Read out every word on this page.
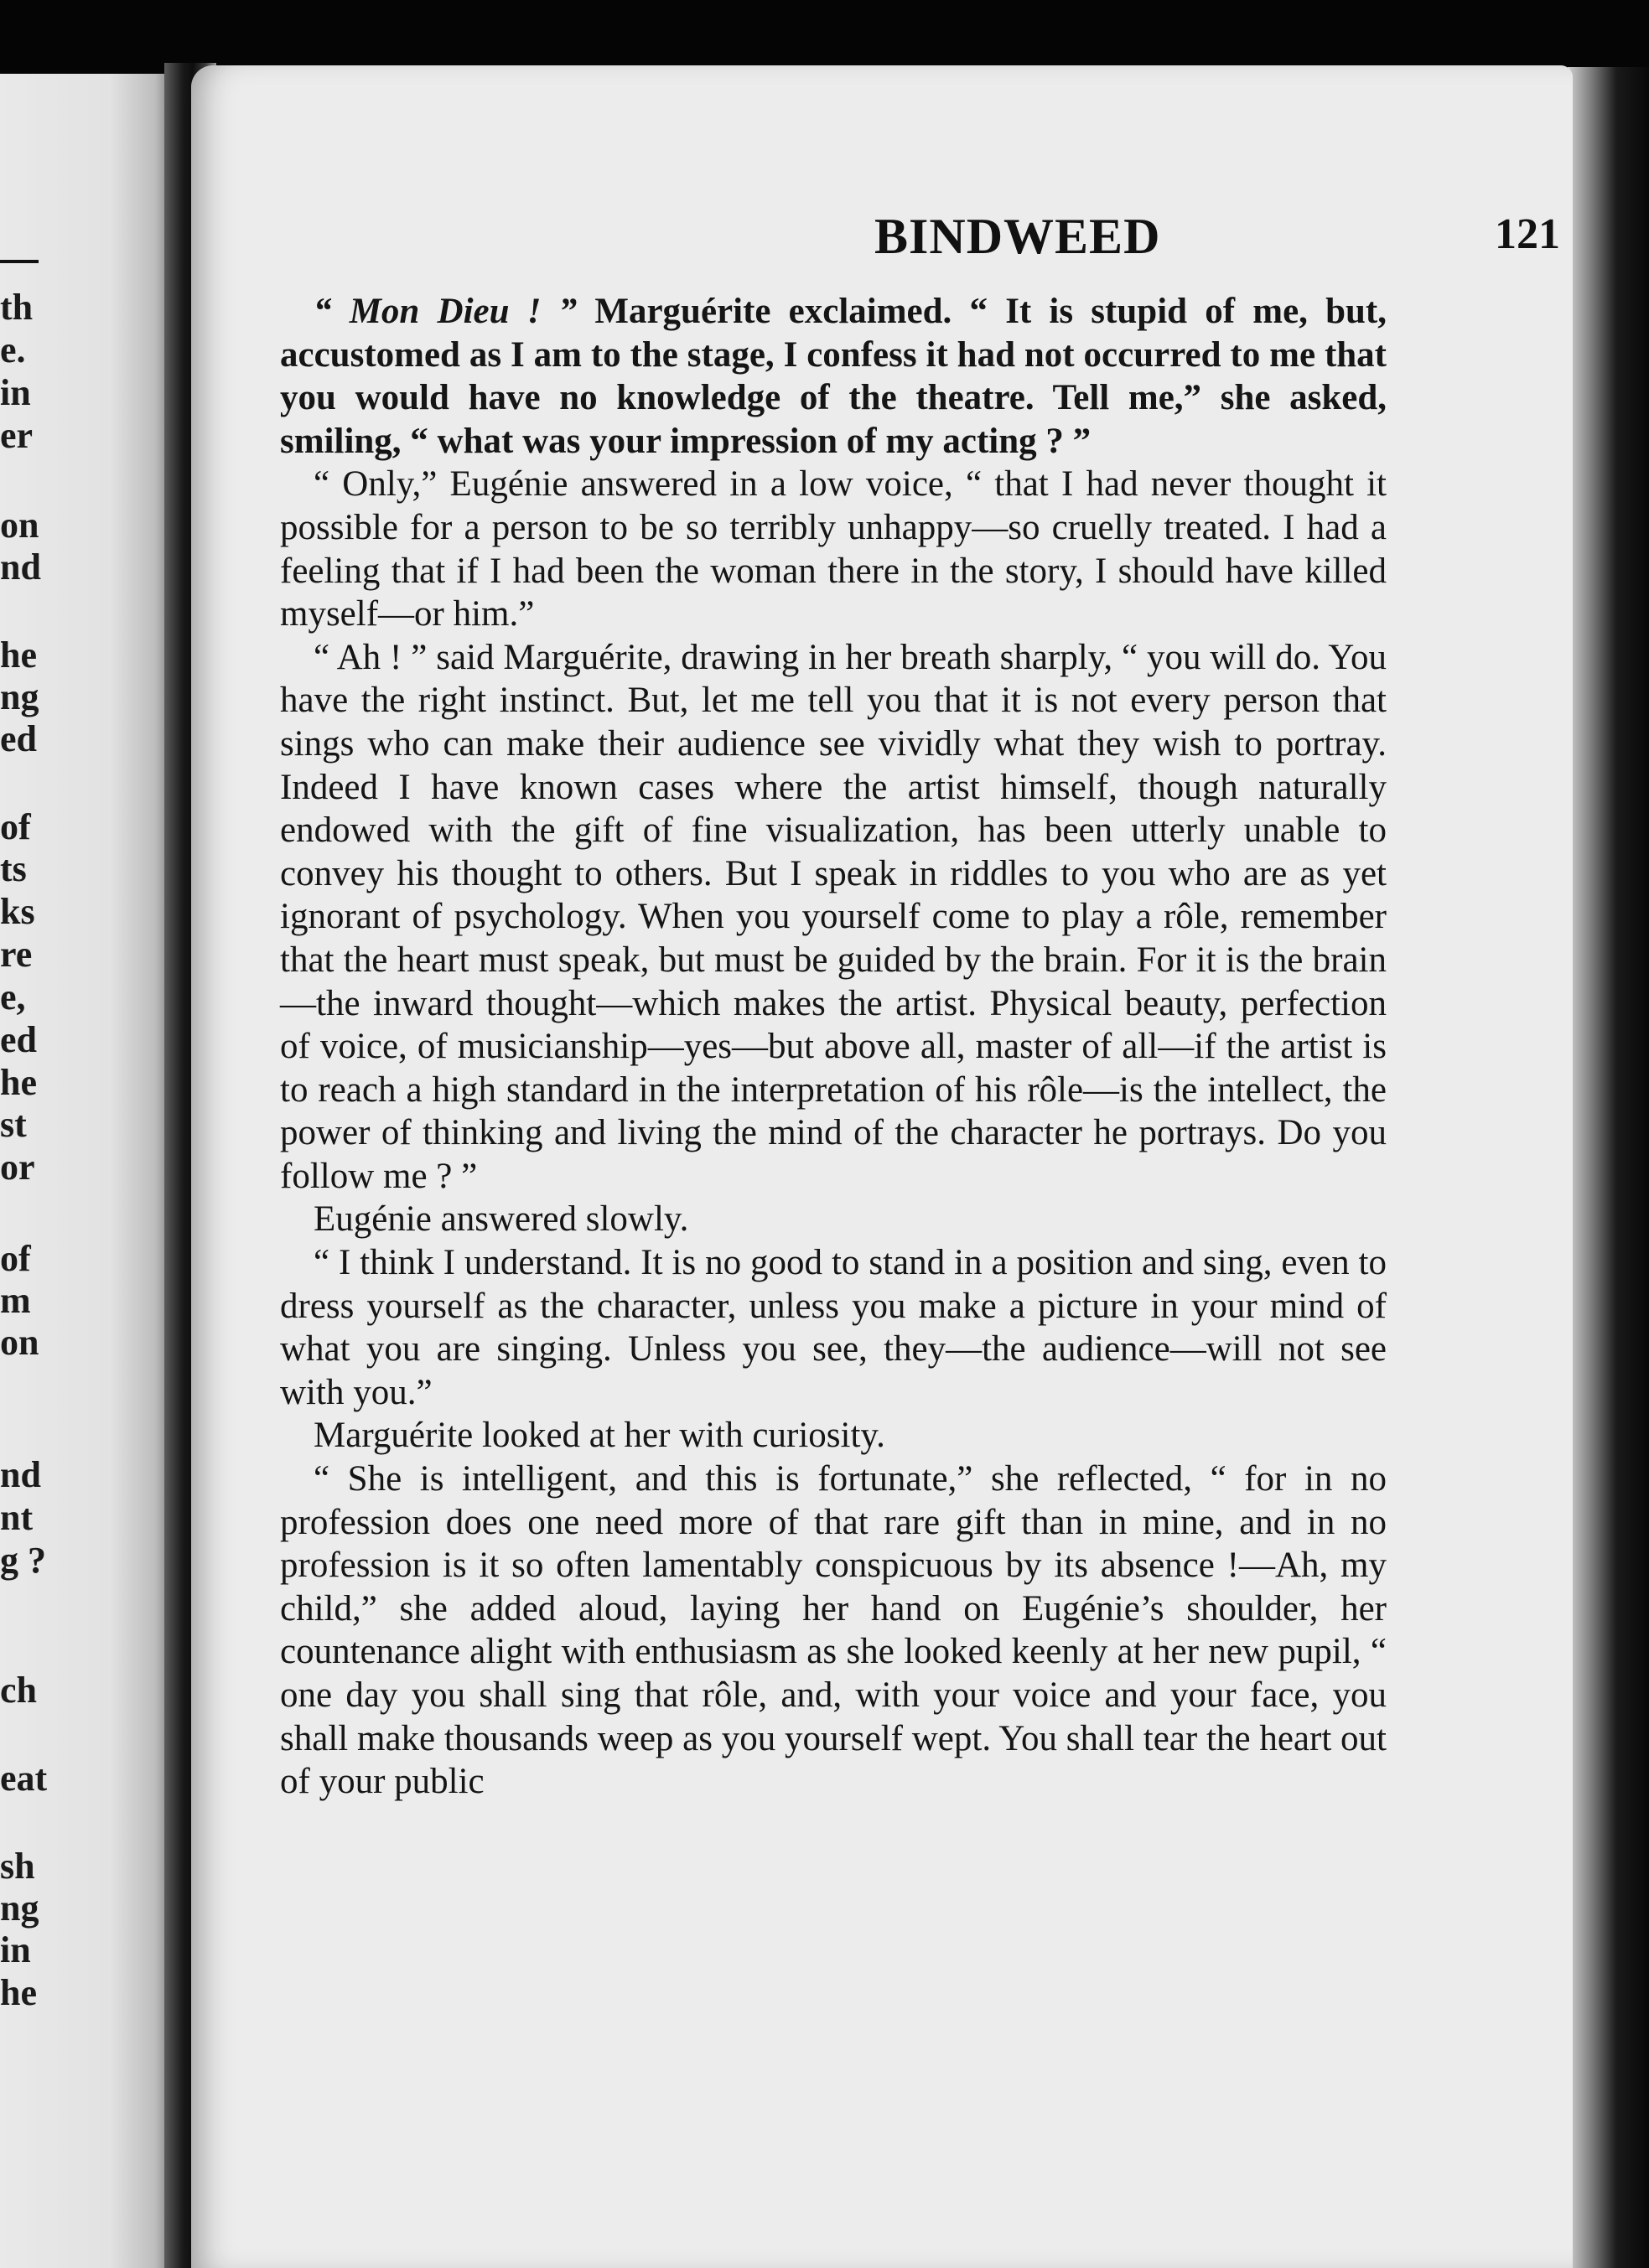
th

e.

in

er

on

nd

he

ng

ed

of

ts

ks

re

e,

ed

he

st

or

of

m

on

nd

nt

g ?

ch

eat

sh

ng

in

he

BINDWEED	121

“ Mon Dieu ! ” Marguérite exclaimed. “ It is stupid of me, but, accustomed as I am to the stage, I confess it had not occurred to me that you would have no knowledge of the theatre. Tell me,” she asked, smiling, “ what was your impression of my acting ? ”

“ Only,” Eugénie answered in a low voice, “ that I had never thought it possible for a person to be so terribly unhappy—so cruelly treated. I had a feeling that if I had been the woman there in the story, I should have killed myself—or him.”

“ Ah ! ” said Marguérite, drawing in her breath sharply, “ you will do. You have the right instinct. But, let me tell you that it is not every person that sings who can make their audience see vividly what they wish to portray. Indeed I have known cases where the artist himself, though naturally endowed with the gift of fine visualization, has been utterly unable to convey his thought to others. But I speak in riddles to you who are as yet ignorant of psychology. When you yourself come to play a rôle, remember that the heart must speak, but must be guided by the brain. For it is the brain—the inward thought—which makes the artist. Physical beauty, perfection of voice, of musicianship—yes—but above all, master of all—if the artist is to reach a high standard in the interpretation of his rôle—is the intellect, the power of thinking and living the mind of the character he portrays. Do you follow me ? ”

Eugénie answered slowly.

“ I think I understand. It is no good to stand in a position and sing, even to dress yourself as the character, unless you make a picture in your mind of what you are singing. Unless you see, they—the audience—will not see with you.”

Marguérite looked at her with curiosity.

“ She is intelligent, and this is fortunate,” she reflected, “ for in no profession does one need more of that rare gift than in mine, and in no profession is it so often lamentably conspicuous by its absence !—Ah, my child,” she added aloud, laying her hand on Eugénie’s shoulder, her countenance alight with enthusiasm as she looked keenly at her new pupil, “ one day you shall sing that rôle, and, with your voice and your face, you shall make thousands weep as you yourself wept. You shall tear the heart out of your public
